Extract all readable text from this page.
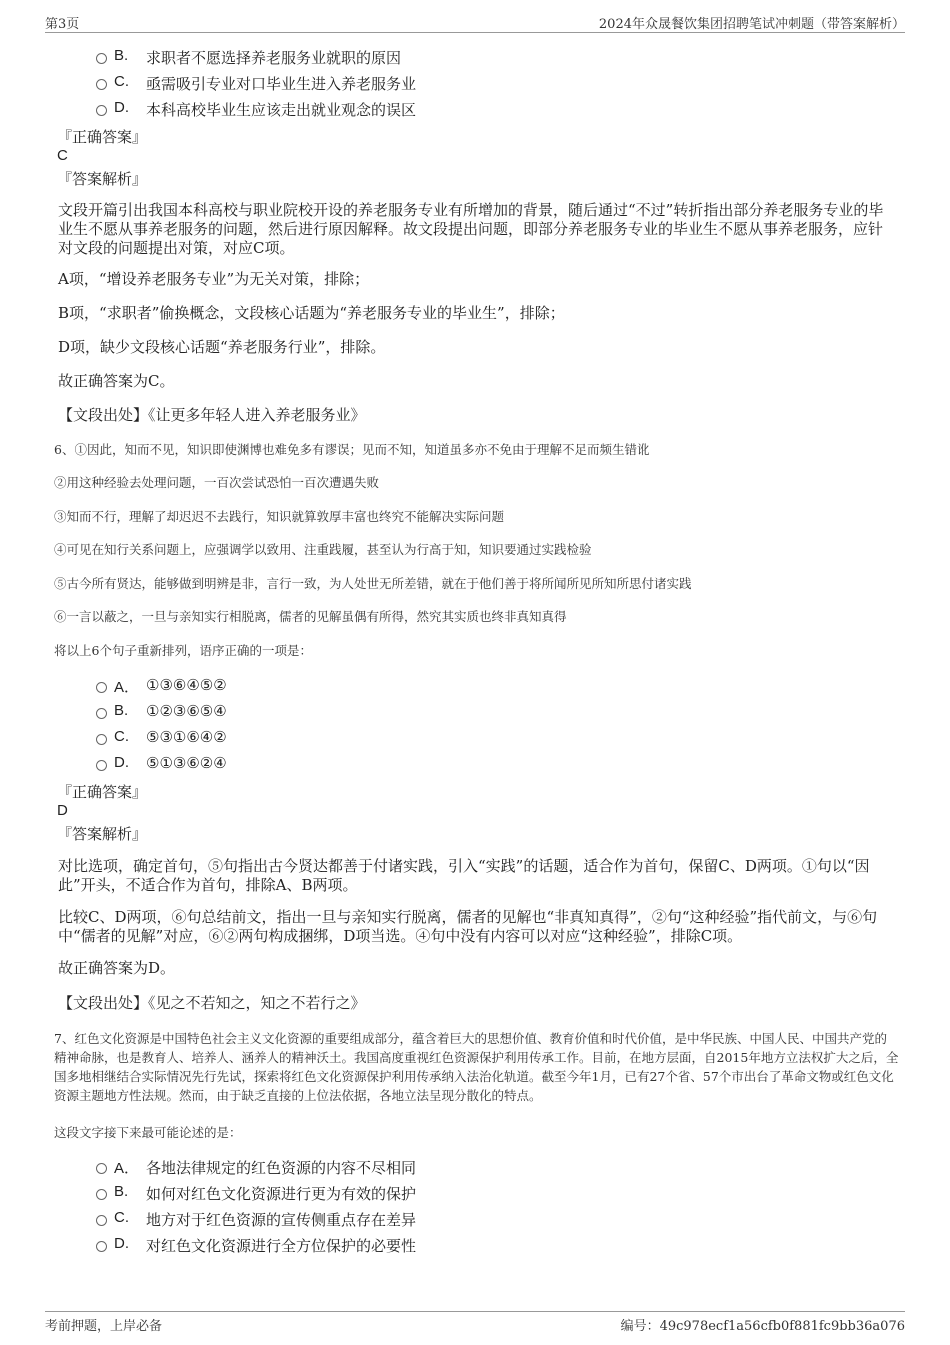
第3页	2024年众晟餐饮集团招聘笔试冲刺题（带答案解析）
B. 求职者不愿选择养老服务业就职的原因
C. 亟需吸引专业对口毕业生进入养老服务业
D. 本科高校毕业生应该走出就业观念的误区
『正确答案』
C
『答案解析』
文段开篇引出我国本科高校与职业院校开设的养老服务专业有所增加的背景，随后通过“不过”转折指出部分养老服务专业的毕业生不愿从事养老服务的问题，然后进行原因解释。故文段提出问题，即部分养老服务专业的毕业生不愿从事养老服务，应针对文段的问题提出对策，对应C项。
A项，“增设养老服务专业”为无关对策，排除；
B项，“求职者”偷换概念，文段核心话题为“养老服务专业的毕业生”，排除；
D项，缺少文段核心话题“养老服务行业”，排除。
故正确答案为C。
【文段出处】《让更多年轻人进入养老服务业》
6、①因此，知而不见，知识即使渊博也难免多有谬误；见而不知，知道虽多亦不免由于理解不足而频生错讹
②用这种经验去处理问题，一百次尝试恐怕一百次遭遇失败
③知而不行，理解了却迟迟不去践行，知识就算敦厚丰富也终究不能解决实际问题
④可见在知行关系问题上，应强调学以致用、注重践履，甚至认为行高于知，知识要通过实践检验
⑤古今所有贤达，能够做到明辨是非，言行一致，为人处世无所差错，就在于他们善于将所闻所见所知所思付诸实践
⑥一言以蔽之，一旦与亲知实行相脱离，儒者的见解虽偶有所得，然究其实质也终非真知真得
将以上6个句子重新排列，语序正确的一项是：
A． ①③⑥④⑤②
B. ①②③⑥⑤④
C. ⑤③①⑥④②
D. ⑤①③⑥②④
『正确答案』
D
『答案解析』
对比选项，确定首句，⑤句指出古今贤达都善于付诸实践，引入“实践”的话题，适合作为首句，保留C、D两项。①句以“因此”开头，不适合作为首句，排除A、B两项。
比较C、D两项，⑥句总结前文，指出一旦与亲知实行脱离，儒者的见解也“非真知真得”，②句“这种经验”指代前文，与⑥句中“儒者的见解”对应，⑥②两句构成捆绑，D项当选。④句中没有内容可以对应“这种经验”，排除C项。
故正确答案为D。
【文段出处】《见之不若知之，知之不若行之》
7、红色文化资源是中国特色社会主义文化资源的重要组成部分，蕴含着巨大的思想价值、教育价值和时代价值，是中华民族、中国人民、中国共产党的精神命脉，也是教育人、培养人、涵养人的精神沃土。我国高度重视红色资源保护利用传承工作。目前，在地方层面，自2015年地方立法权扩大之后，全国多地相继结合实际情况先行先试，探索将红色文化资源保护利用传承纳入法治化轨道。截至今年1月，已有27个省、57个市出台了革命文物或红色文化资源主题地方性法规。然而，由于缺乏直接的上位法依据，各地立法呈现分散化的特点。
这段文字接下来最可能论述的是：
A． 各地法律规定的红色资源的内容不尽相同
B. 如何对红色文化资源进行更为有效的保护
C. 地方对于红色资源的宣传侧重点存在差异
D. 对红色文化资源进行全方位保护的必要性
考前押题，上岸必备	编号：49c978ecf1a56cfb0f881fc9bb36a076
